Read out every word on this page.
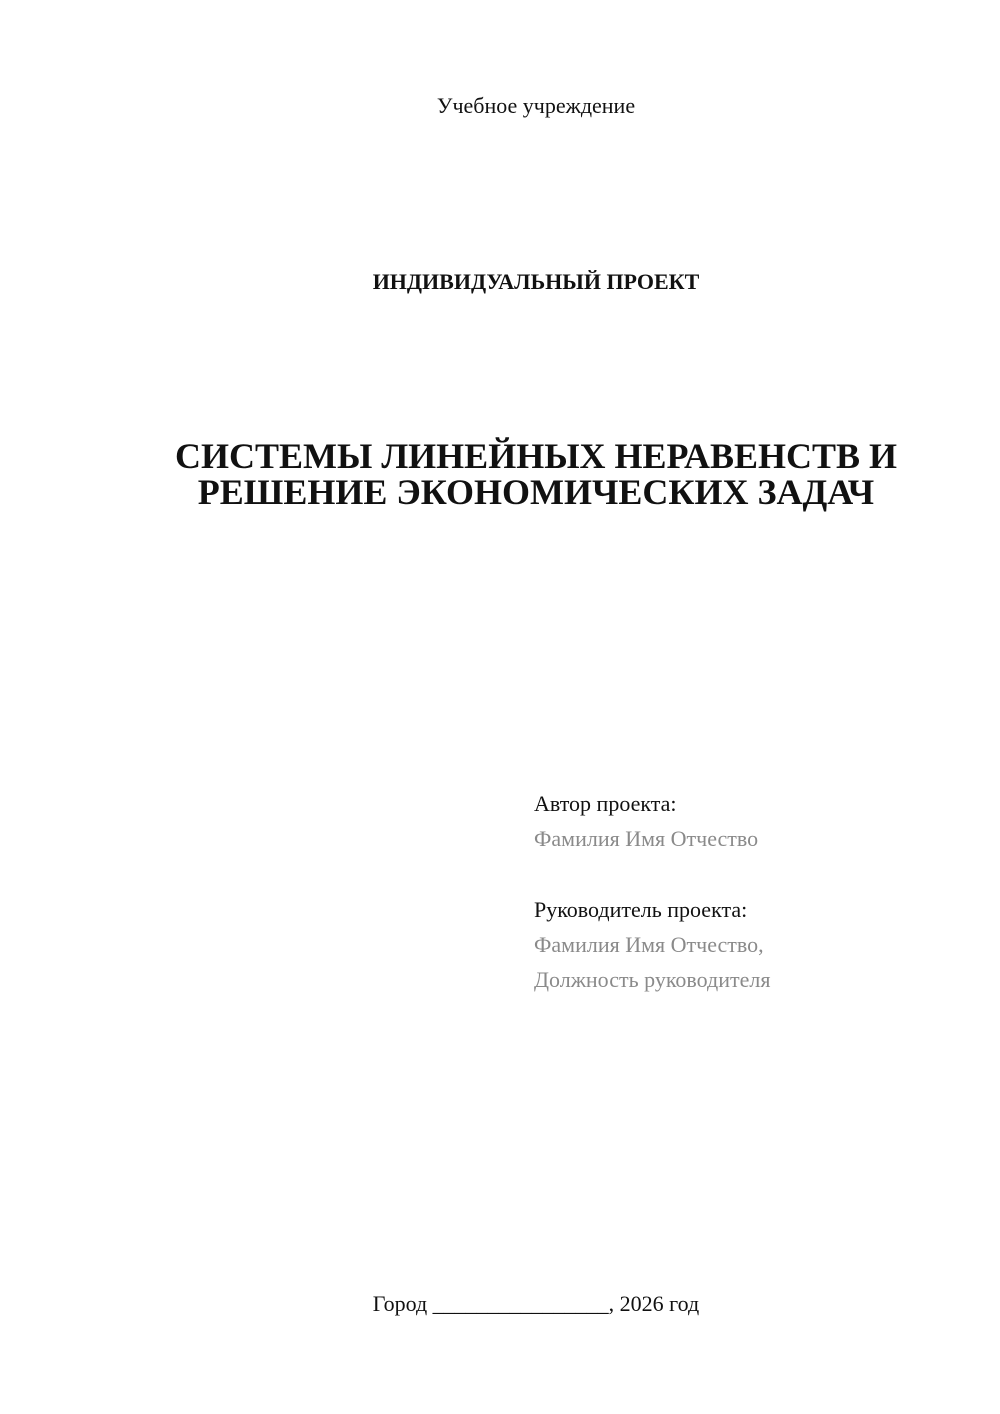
Учебное учреждение
ИНДИВИДУАЛЬНЫЙ ПРОЕКТ
СИСТЕМЫ ЛИНЕЙНЫХ НЕРАВЕНСТВ И
РЕШЕНИЕ ЭКОНОМИЧЕСКИХ ЗАДАЧ
Автор проекта:
Фамилия Имя Отчество
Руководитель проекта:
Фамилия Имя Отчество,
Должность руководителя
Город ________________, 2026 год
